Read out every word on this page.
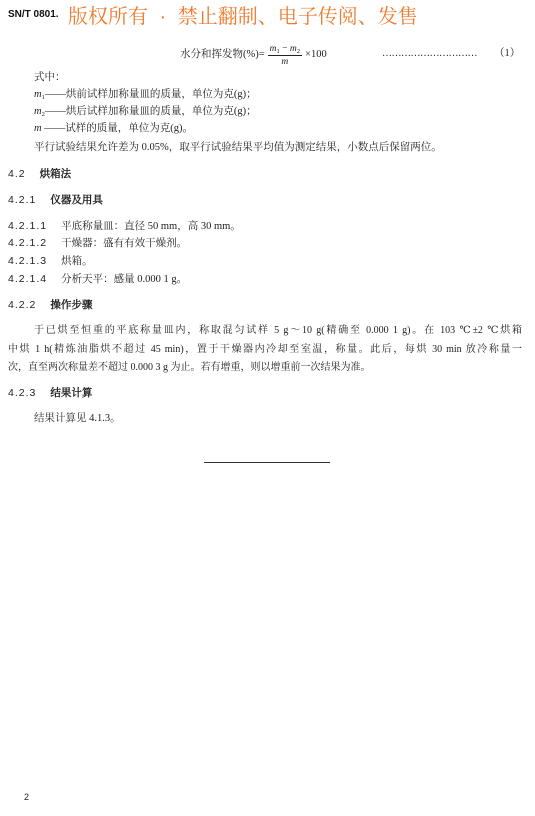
SN/T 0801. 版权所有 · 禁止翻制、电子传阅、发售
水分和挥发物(%)= $\frac{m_1 - m_2}{m} \times 100$	…………………………	（1）
式中：
$m_1——$烘前试样加称量皿的质量，单位为克(g)；
$m_2——$烘后试样加称量皿的质量，单位为克(g)；
m ——试样的质量，单位为克(g)。
平行试验结果允许差为 0.05%，取平行试验结果平均值为测定结果，小数点后保留两位。
4.2 烘箱法
4.2.1 仪器及用具
4.2.1.1 平底称量皿：直径 50 mm，高 30 mm。
4.2.1.2 干燥器：盛有有效干燥剂。
4.2.1.3 烘箱。
4.2.1.4 分析天平：感量 0.000 1 g。
4.2.2 操作步骤
于已烘至恒重的平底称量皿内，称取混匀试样 5 g～10 g(精确至 0.000 1 g)。在 103 ℃±2 ℃烘箱
中烘 1 h(精炼油脂烘不超过 45 min)，置于干燥器内冷却至室温，称量。此后，每烘 30 min 放冷称量一
次，直至两次称量差不超过 0.000 3 g 为止。若有增重，则以增重前一次结果为准。
4.2.3 结果计算
结果计算见 4.1.3。
2
